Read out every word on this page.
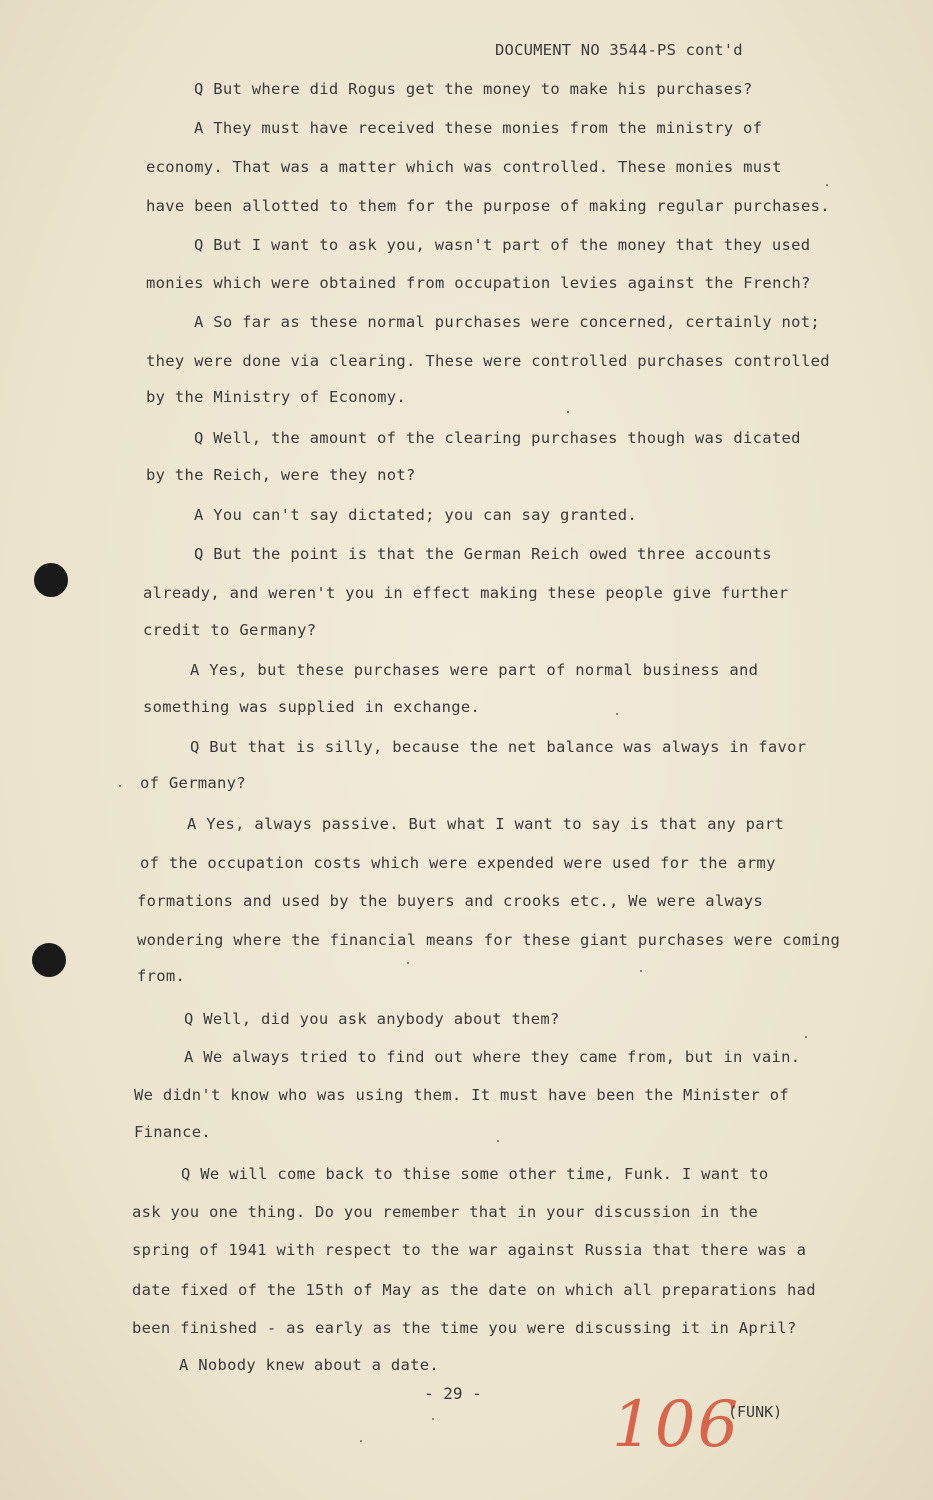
DOCUMENT NO 3544-PS cont'd
Q But where did Rogus get the money to make his purchases?
A They must have received these monies from the ministry of
economy. That was a matter which was controlled. These monies must
have been allotted to them for the purpose of making regular purchases.
Q But I want to ask you, wasn't part of the money that they used
monies which were obtained from occupation levies against the French?
A So far as these normal purchases were concerned, certainly not;
they were done via clearing. These were controlled purchases controlled
by the Ministry of Economy.
Q Well, the amount of the clearing purchases though was dicated
by the Reich, were they not?
A You can't say dictated; you can say granted.
Q But the point is that the German Reich owed three accounts
already, and weren't you in effect making these people give further
credit to Germany?
A Yes, but these purchases were part of normal business and
something was supplied in exchange.
Q But that is silly, because the net balance was always in favor
of Germany?
A Yes, always passive. But what I want to say is that any part
of the occupation costs which were expended were used for the army
formations and used by the buyers and crooks etc., We were always
wondering where the financial means for these giant purchases were coming
from.
Q Well, did you ask anybody about them?
A We always tried to find out where they came from, but in vain.
We didn't know who was using them. It must have been the Minister of
Finance.
Q We will come back to thise some other time, Funk. I want to
ask you one thing. Do you remember that in your discussion in the
spring of 1941 with respect to the war against Russia that there was a
date fixed of the 15th of May as the date on which all preparations had
been finished - as early as the time you were discussing it in April?
A Nobody knew about a date.
- 29 - 106
(FUNK)
